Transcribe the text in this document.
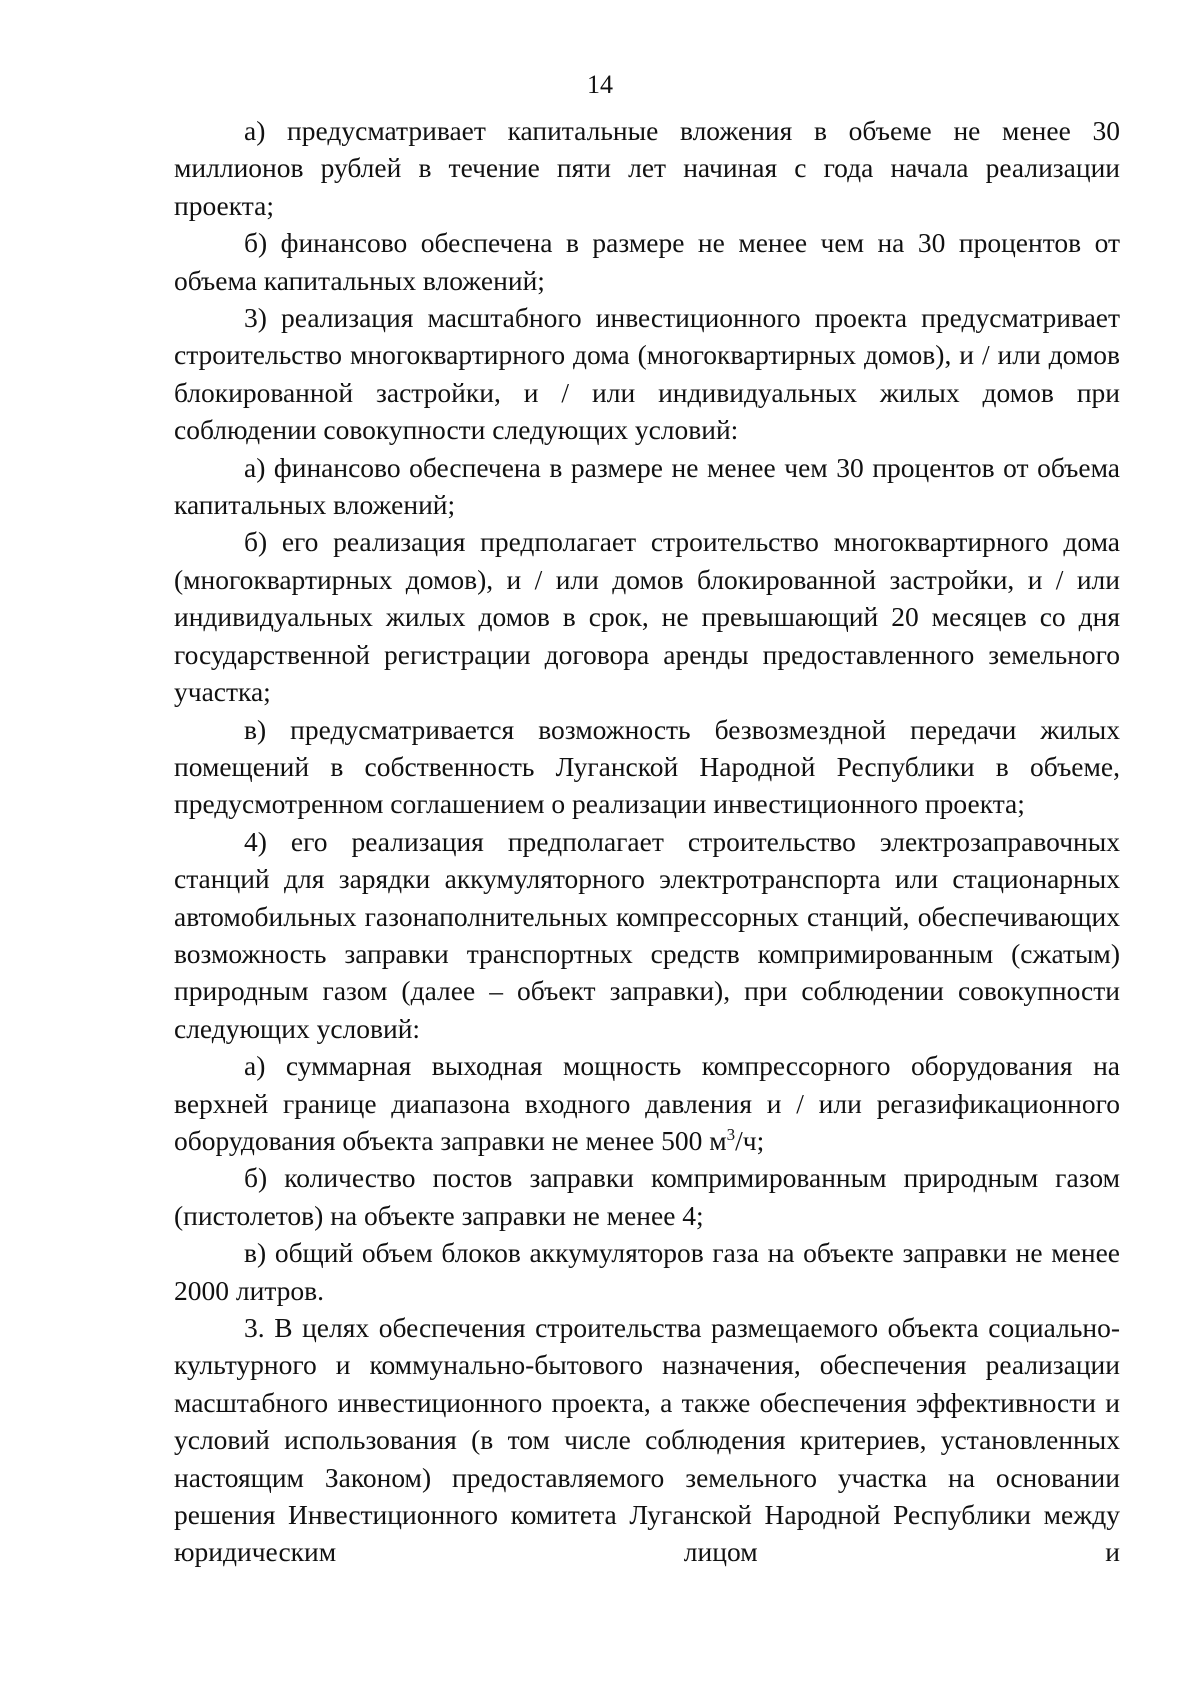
14

а) предусматривает капитальные вложения в объеме не менее 30 миллионов рублей в течение пяти лет начиная с года начала реализации проекта;

б) финансово обеспечена в размере не менее чем на 30 процентов от объема капитальных вложений;

3) реализация масштабного инвестиционного проекта предусматривает строительство многоквартирного дома (многоквартирных домов), и / или домов блокированной застройки, и / или индивидуальных жилых домов при соблюдении совокупности следующих условий:

а) финансово обеспечена в размере не менее чем 30 процентов от объема капитальных вложений;

б) его реализация предполагает строительство многоквартирного дома (многоквартирных домов), и / или домов блокированной застройки, и / или индивидуальных жилых домов в срок, не превышающий 20 месяцев со дня государственной регистрации договора аренды предоставленного земельного участка;

в) предусматривается возможность безвозмездной передачи жилых помещений в собственность Луганской Народной Республики в объеме, предусмотренном соглашением о реализации инвестиционного проекта;

4) его реализация предполагает строительство электрозаправочных станций для зарядки аккумуляторного электротранспорта или стационарных автомобильных газонаполнительных компрессорных станций, обеспечивающих возможность заправки транспортных средств компримированным (сжатым) природным газом (далее – объект заправки), при соблюдении совокупности следующих условий:

а) суммарная выходная мощность компрессорного оборудования на верхней границе диапазона входного давления и / или регазификационного оборудования объекта заправки не менее 500 $м^3/ч$;

б) количество постов заправки компримированным природным газом (пистолетов) на объекте заправки не менее 4;

в) общий объем блоков аккумуляторов газа на объекте заправки не менее 2000 литров.

3. В целях обеспечения строительства размещаемого объекта социально-культурного и коммунально-бытового назначения, обеспечения реализации масштабного инвестиционного проекта, а также обеспечения эффективности и условий использования (в том числе соблюдения критериев, установленных настоящим Законом) предоставляемого земельного участка на основании решения Инвестиционного комитета Луганской Народной Республики между юридическим лицом и
